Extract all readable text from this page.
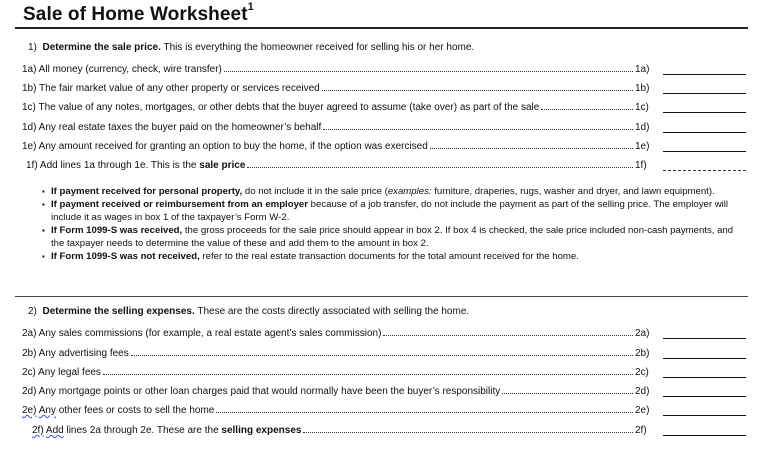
Sale of Home Worksheet$^1$
1) Determine the sale price. This is everything the homeowner received for selling his or her home.
1a) All money (currency, check, wire transfer)	1a)
1b) The fair market value of any other property or services received	1b)
1c) The value of any notes, mortgages, or other debts that the buyer agreed to assume (take over) as part of the sale	1c)
1d) Any real estate taxes the buyer paid on the homeowner’s behalf	1d)
1e) Any amount received for granting an option to buy the home, if the option was exercised	1e)
1f) Add lines 1a through 1e. This is the sale price	1f)
▪ If payment received for personal property, do not include it in the sale price (examples: furniture, draperies, rugs, washer and dryer, and lawn equipment).
▪ If payment received or reimbursement from an employer because of a job transfer, do not include the payment as part of the selling price. The employer will include it as wages in box 1 of the taxpayer’s Form W-2.
▪ If Form 1099-S was received, the gross proceeds for the sale price should appear in box 2. If box 4 is checked, the sale price included non-cash payments, and the taxpayer needs to determine the value of these and add them to the amount in box 2.
▪ If Form 1099-S was not received, refer to the real estate transaction documents for the total amount received for the home.
2) Determine the selling expenses. These are the costs directly associated with selling the home.
2a) Any sales commissions (for example, a real estate agent’s sales commission)	2a)
2b) Any advertising fees	2b)
2c) Any legal fees	2c)
2d) Any mortgage points or other loan charges paid that would normally have been the buyer’s responsibility	2d)
2e) Any other fees or costs to sell the home	2e)
2f) Add lines 2a through 2e. These are the selling expenses	2f)
